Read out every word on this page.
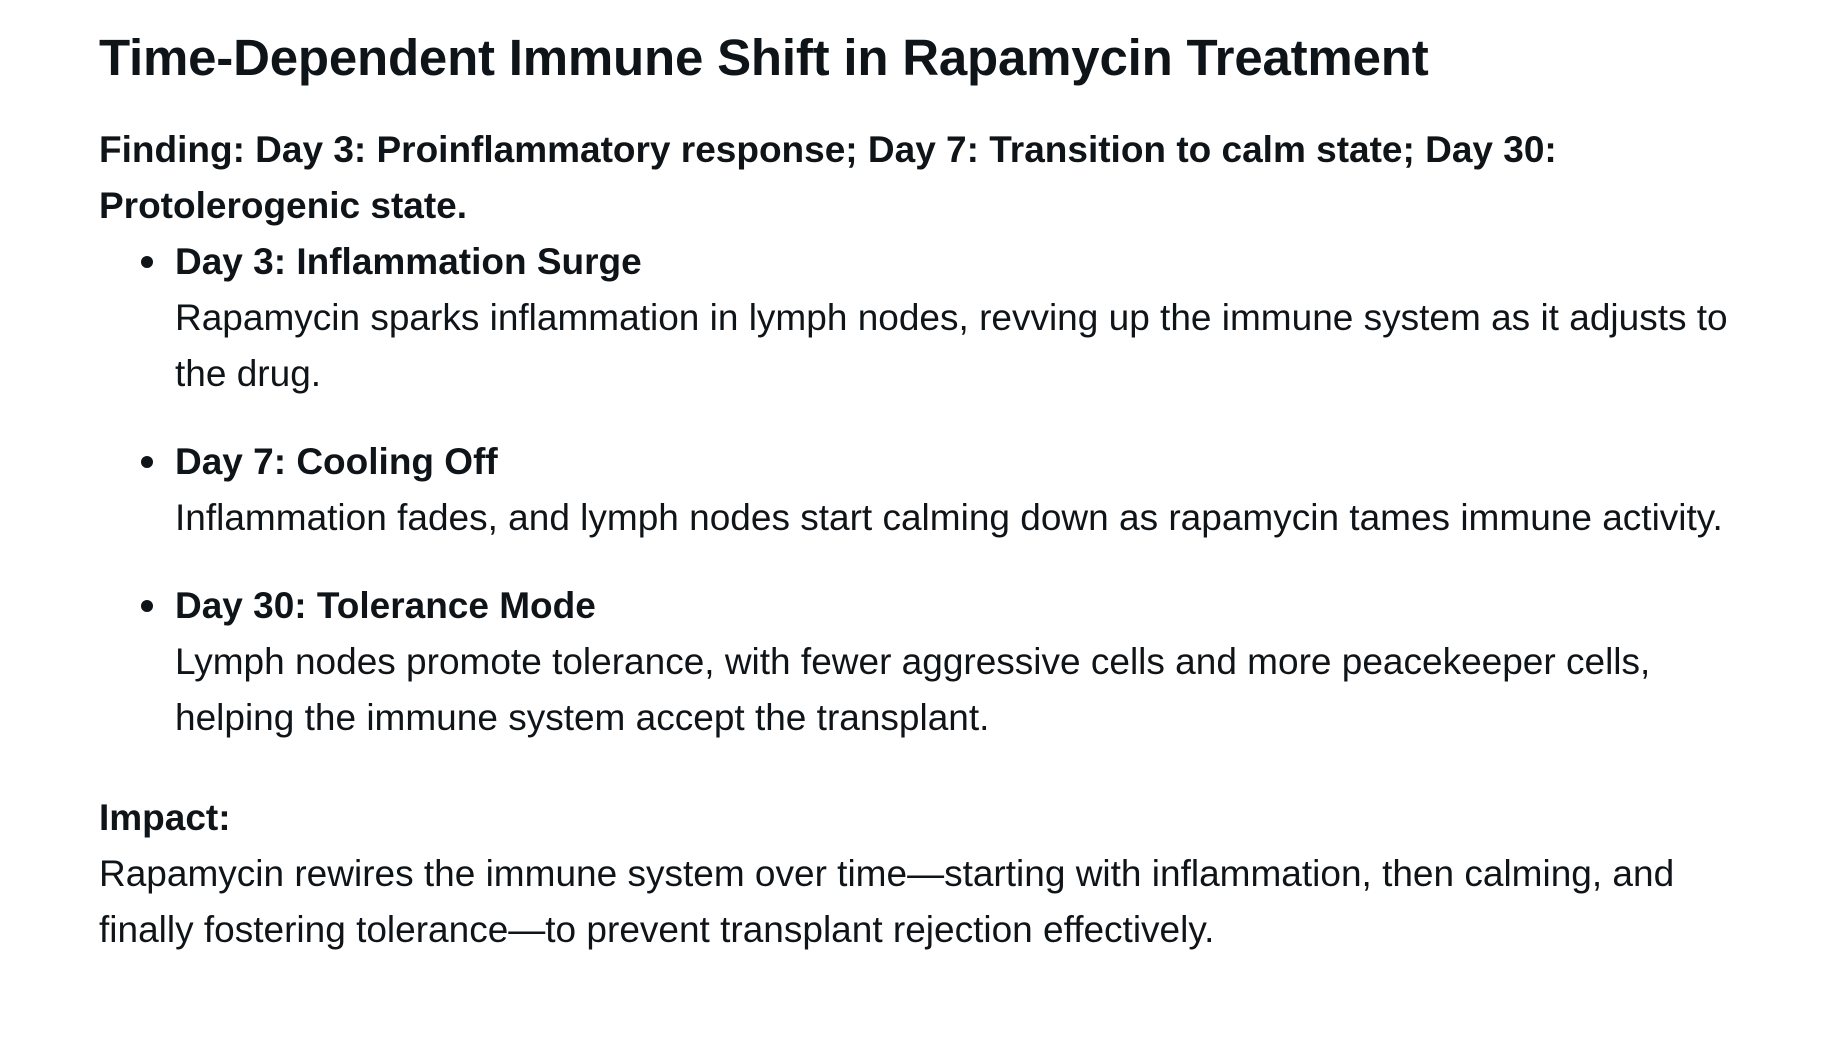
Time-Dependent Immune Shift in Rapamycin Treatment

Finding: Day 3: Proinflammatory response; Day 7: Transition to calm state; Day 30: Protolerogenic state.

Day 3: Inflammation Surge
Rapamycin sparks inflammation in lymph nodes, revving up the immune system as it adjusts to the drug.
Day 7: Cooling Off
Inflammation fades, and lymph nodes start calming down as rapamycin tames immune activity.
Day 30: Tolerance Mode
Lymph nodes promote tolerance, with fewer aggressive cells and more peacekeeper cells, helping the immune system accept the transplant.
Impact:
Rapamycin rewires the immune system over time—starting with inflammation, then calming, and finally fostering tolerance—to prevent transplant rejection effectively.
